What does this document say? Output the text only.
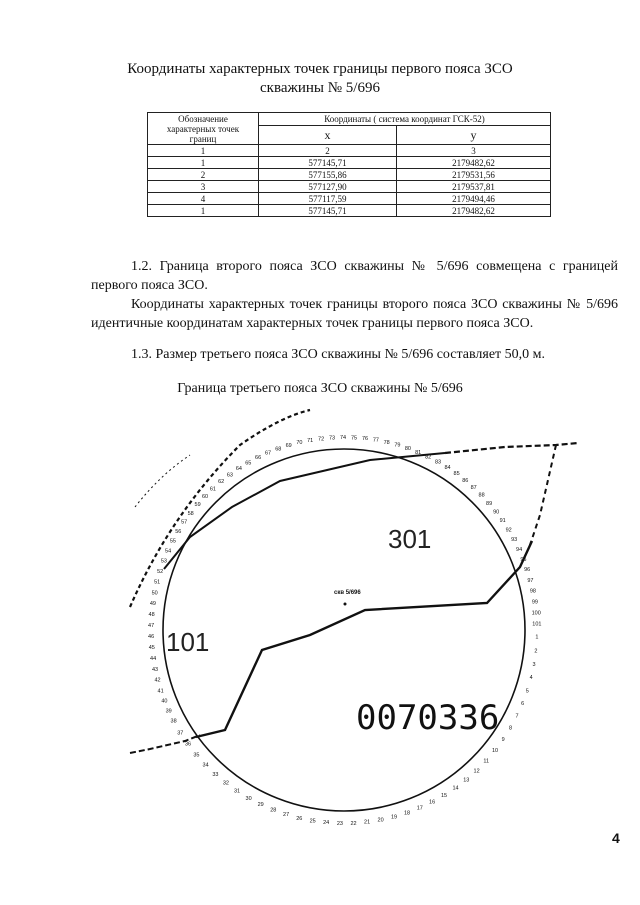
Координаты характерных точек границы первого пояса ЗСО
скважины № 5/696
Обозначение
характерных точек
границ	Координаты ( система координат ГСК-52)	
	х	у
1	2	3
1	577145,71	2179482,62
2	577155,86	2179531,56
3	577127,90	2179537,81
4	577117,59	2179494,46
1	577145,71	2179482,62
1.2. Граница второго пояса ЗСО скважины № 5/696 совмещена с границей первого пояса ЗСО.
Координаты характерных точек границы второго пояса ЗСО скважины № 5/696 идентичные координатам характерных точек границы первого пояса ЗСО.
1.3. Размер третьего пояса ЗСО скважины № 5/696 составляет 50,0 м.
Граница третьего пояса ЗСО скважины № 5/696
скв 5/696
301
101
0070336
38
39
40
41
42
43
44
45
46
47
48
49
50
51
52
53
54
55
56
57
58
59
60
61
62
63
64
65
66
67
68
69 70 71 72 73 74 75 76 77 78 79
80
81
82
83
84
85
86
87
88
89
90
91
92
93
94
95
96
97
98
99
100
101
1
2
3
4
5
6
7
8
9
10
11
12
13
14
15
16
17
18
19
20
21
22
23
24
25
26
27
28
29
30
31
32
33
34
35
36
37
4
